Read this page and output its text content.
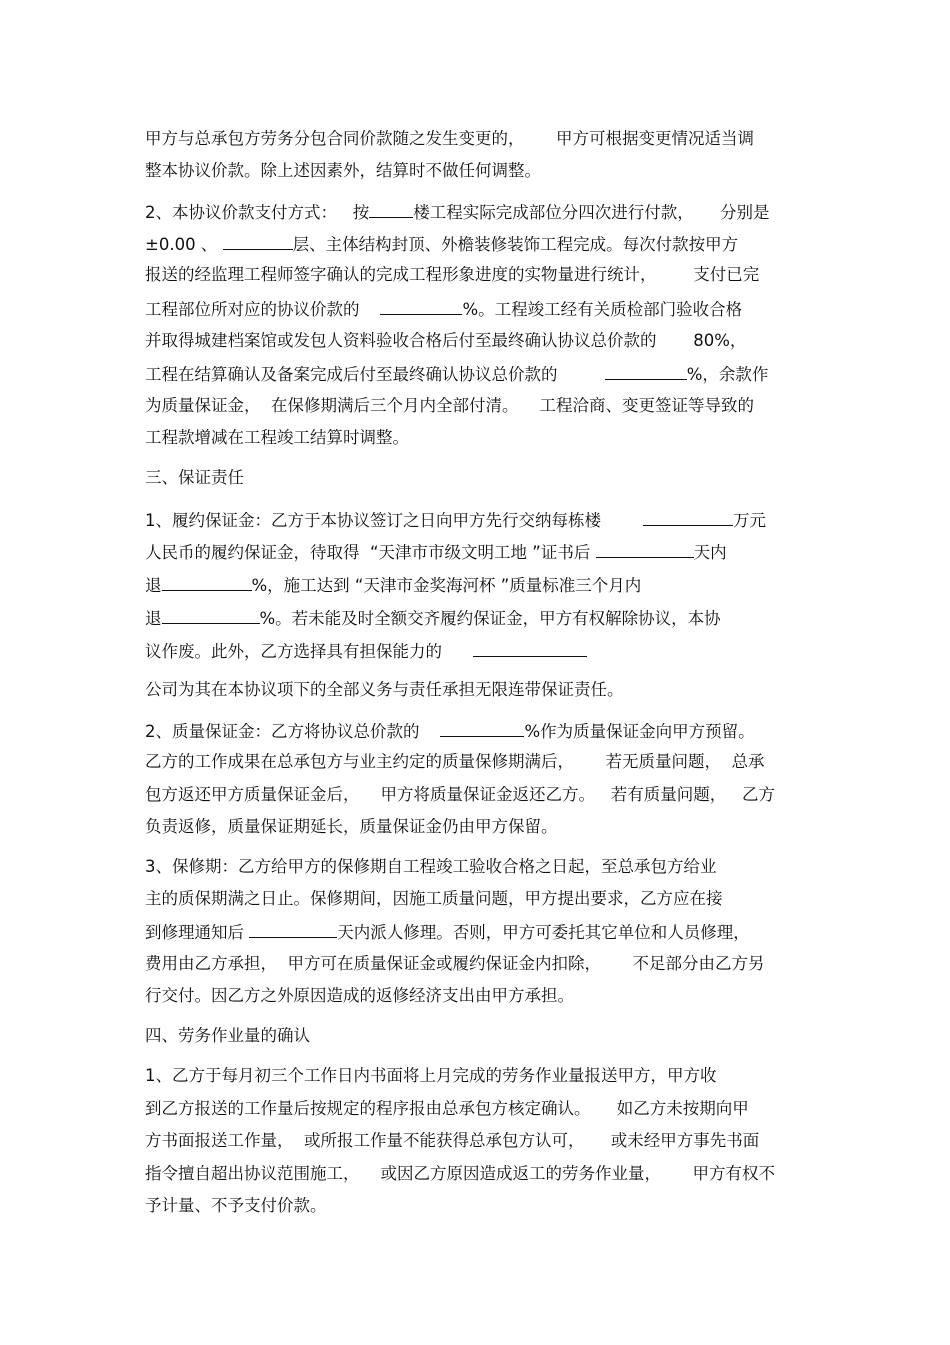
甲方与总承包方劳务分包合同价款随之发生变更的，      甲方可根据变更情况适当调
整本协议价款。除上述因素外，结算时不做任何调整。
2、本协议价款支付方式：   按	楼工程实际完成部位分四次进行付款，     分别是
±0.00 、	层、主体结构封顶、外檐装修装饰工程完成。每次付款按甲方
报送的经监理工程师签字确认的完成工程形象进度的实物量进行统计，       支付已完
工程部位所对应的协议价款的	%。工程竣工经有关质检部门验收合格
并取得城建档案馆或发包人资料验收合格后付至最终确认协议总价款的       80%，
工程在结算确认及备案完成后付至最终确认协议总价款的	%，余款作
为质量保证金，  在保修期满后三个月内全部付清。    工程洽商、变更签证等导致的
工程款增减在工程竣工结算时调整。
三、保证责任
1、履约保证金：乙方于本协议签订之日向甲方先行交纳每栋楼	万元
人民币的履约保证金，待取得  “天津市市级文明工地 ”证书后	天内
退	%，施工达到 “天津市金奖海河杯 ”质量标准三个月内
退	%。若未能及时全额交齐履约保证金，甲方有权解除协议，本协
议作废。此外，乙方选择具有担保能力的
公司为其在本协议项下的全部义务与责任承担无限连带保证责任。
2、质量保证金：乙方将协议总价款的	%作为质量保证金向甲方预留。
乙方的工作成果在总承包方与业主约定的质量保修期满后，      若无质量问题，  总承
包方返还甲方质量保证金后，    甲方将质量保证金返还乙方。   若有质量问题，   乙方
负责返修，质量保证期延长，质量保证金仍由甲方保留。
3、保修期：乙方给甲方的保修期自工程竣工验收合格之日起，至总承包方给业
主的质保期满之日止。保修期间，因施工质量问题，甲方提出要求，乙方应在接
到修理通知后	天内派人修理。否则，甲方可委托其它单位和人员修理，
费用由乙方承担，  甲方可在质量保证金或履约保证金内扣除，      不足部分由乙方另
行交付。因乙方之外原因造成的返修经济支出由甲方承担。
四、劳务作业量的确认
1、乙方于每月初三个工作日内书面将上月完成的劳务作业量报送甲方，甲方收
到乙方报送的工作量后按规定的程序报由总承包方核定确认。     如乙方未按期向甲
方书面报送工作量，  或所报工作量不能获得总承包方认可，     或未经甲方事先书面
指令擅自超出协议范围施工，    或因乙方原因造成返工的劳务作业量，      甲方有权不
予计量、不予支付价款。
